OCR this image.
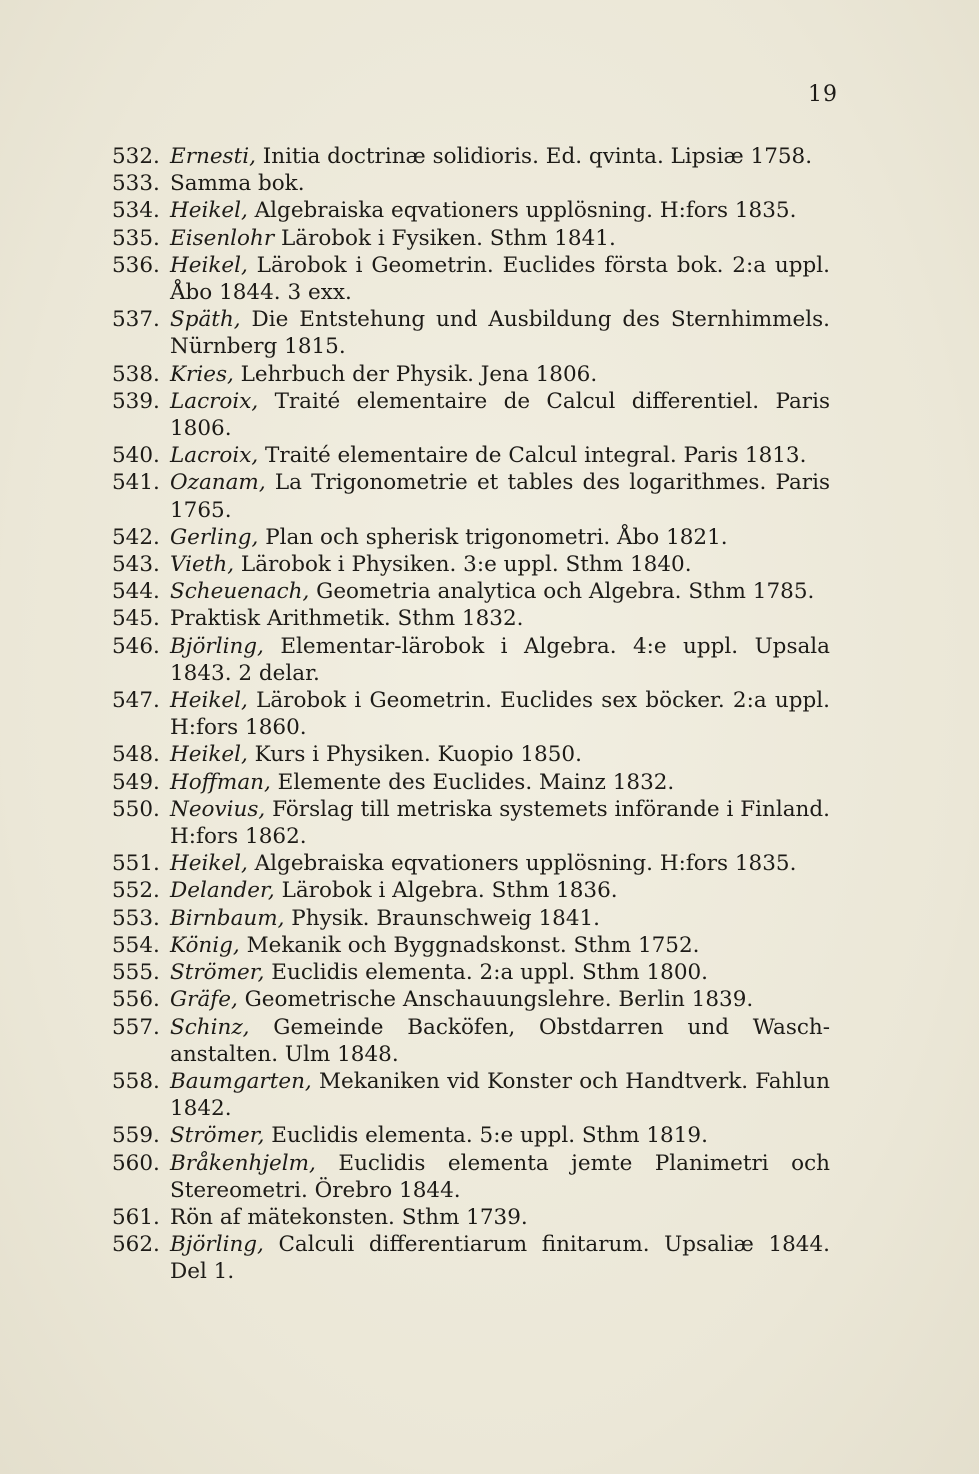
19
532. Ernesti, Initia doctrinæ solidioris. Ed. qvinta. Lipsiæ 1758.
533. Samma bok.
534. Heikel, Algebraiska eqvationers upplösning. H:fors 1835.
535. Eisenlohr Lärobok i Fysiken. Sthm 1841.
536. Heikel, Lärobok i Geometrin. Euclides första bok. 2:a uppl. Åbo 1844. 3 exx.
537. Späth, Die Entstehung und Ausbildung des Sternhimmels. Nürnberg 1815.
538. Kries, Lehrbuch der Physik. Jena 1806.
539. Lacroix, Traité elementaire de Calcul differentiel. Paris 1806.
540. Lacroix, Traité elementaire de Calcul integral. Paris 1813.
541. Ozanam, La Trigonometrie et tables des logarithmes. Paris 1765.
542. Gerling, Plan och spherisk trigonometri. Åbo 1821.
543. Vieth, Lärobok i Physiken. 3:e uppl. Sthm 1840.
544. Scheuenach, Geometria analytica och Algebra. Sthm 1785.
545. Praktisk Arithmetik. Sthm 1832.
546. Björling, Elementar-lärobok i Algebra. 4:e uppl. Upsala 1843. 2 delar.
547. Heikel, Lärobok i Geometrin. Euclides sex böcker. 2:a uppl. H:fors 1860.
548. Heikel, Kurs i Physiken. Kuopio 1850.
549. Hoffman, Elemente des Euclides. Mainz 1832.
550. Neovius, Förslag till metriska systemets införande i Finland. H:fors 1862.
551. Heikel, Algebraiska eqvationers upplösning. H:fors 1835.
552. Delander, Lärobok i Algebra. Sthm 1836.
553. Birnbaum, Physik. Braunschweig 1841.
554. König, Mekanik och Byggnadskonst. Sthm 1752.
555. Strömer, Euclidis elementa. 2:a uppl. Sthm 1800.
556. Gräfe, Geometrische Anschauungslehre. Berlin 1839.
557. Schinz, Gemeinde Backöfen, Obstdarren und Wasch-anstalten. Ulm 1848.
558. Baumgarten, Mekaniken vid Konster och Handtverk. Fahlun 1842.
559. Strömer, Euclidis elementa. 5:e uppl. Sthm 1819.
560. Bråkenhjelm, Euclidis elementa jemte Planimetri och Stereometri. Örebro 1844.
561. Rön af mätekonsten. Sthm 1739.
562. Björling, Calculi differentiarum finitarum. Upsaliæ 1844. Del 1.
